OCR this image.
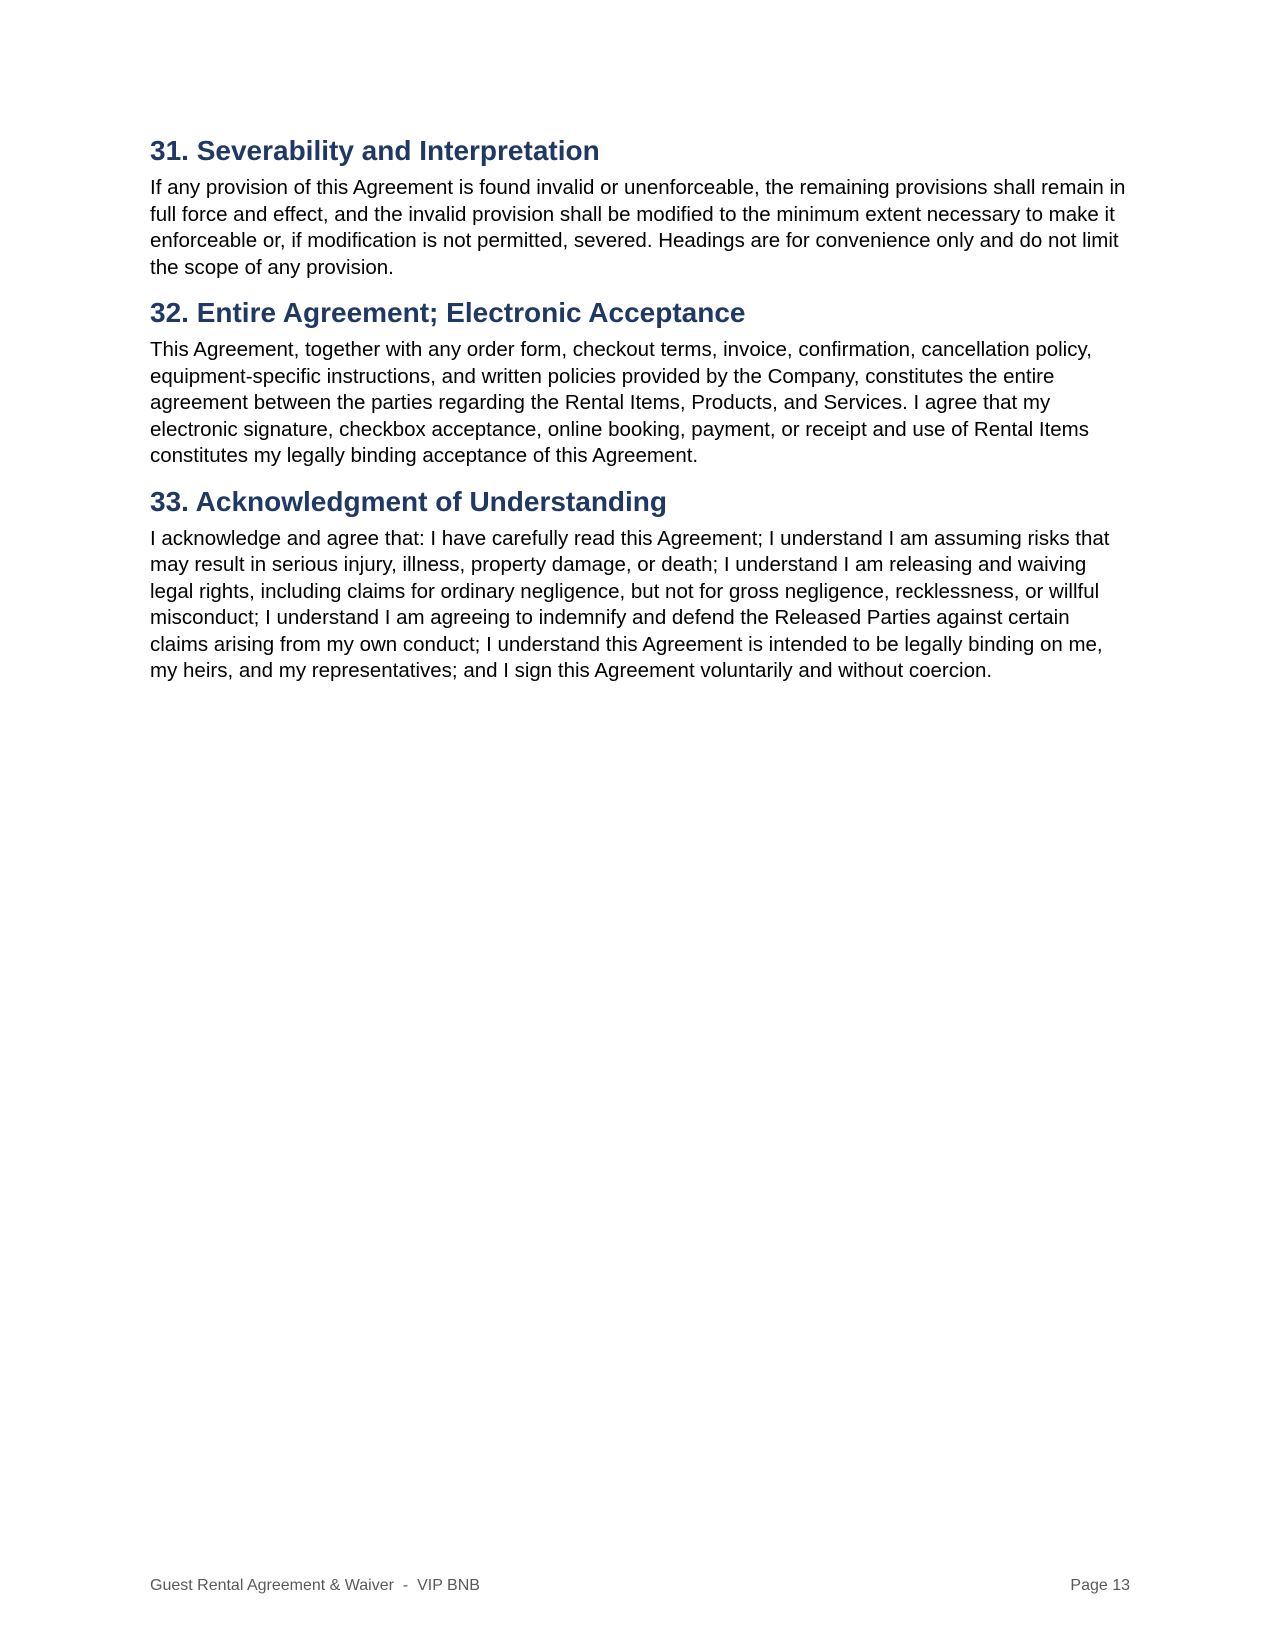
31. Severability and Interpretation

If any provision of this Agreement is found invalid or unenforceable, the remaining provisions shall remain in full force and effect, and the invalid provision shall be modified to the minimum extent necessary to make it enforceable or, if modification is not permitted, severed. Headings are for convenience only and do not limit the scope of any provision.

32. Entire Agreement; Electronic Acceptance

This Agreement, together with any order form, checkout terms, invoice, confirmation, cancellation policy, equipment-specific instructions, and written policies provided by the Company, constitutes the entire agreement between the parties regarding the Rental Items, Products, and Services. I agree that my electronic signature, checkbox acceptance, online booking, payment, or receipt and use of Rental Items constitutes my legally binding acceptance of this Agreement.

33. Acknowledgment of Understanding

I acknowledge and agree that: I have carefully read this Agreement; I understand I am assuming risks that may result in serious injury, illness, property damage, or death; I understand I am releasing and waiving legal rights, including claims for ordinary negligence, but not for gross negligence, recklessness, or willful misconduct; I understand I am agreeing to indemnify and defend the Released Parties against certain claims arising from my own conduct; I understand this Agreement is intended to be legally binding on me, my heirs, and my representatives; and I sign this Agreement voluntarily and without coercion.

Guest Rental Agreement & Waiver  -  VIP BNB	Page 13
